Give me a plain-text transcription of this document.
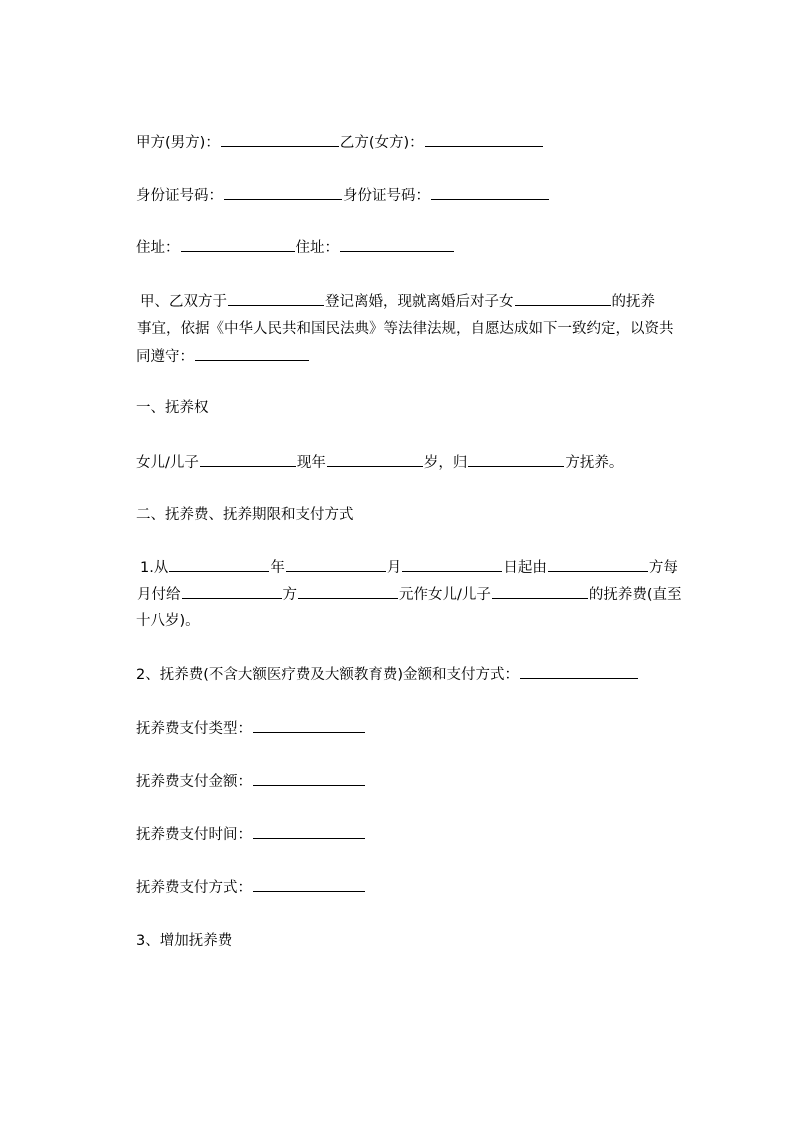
甲方(男方)：	乙方(女方)：
身份证号码：	身份证号码：
住址：	住址：
甲、乙双方于	登记离婚，现就离婚后对子女	的抚养
事宜，依据《中华人民共和国民法典》等法律法规，自愿达成如下一致约定，以资共
同遵守：
一、抚养权
女儿/儿子	现年	岁，归	方抚养。
二、抚养费、抚养期限和支付方式
1.从	年	月	日起由	方每
月付给	方	元作女儿/儿子	的抚养费(直至
十八岁)。
2、抚养费(不含大额医疗费及大额教育费)金额和支付方式：
抚养费支付类型：
抚养费支付金额：
抚养费支付时间：
抚养费支付方式：
3、增加抚养费
